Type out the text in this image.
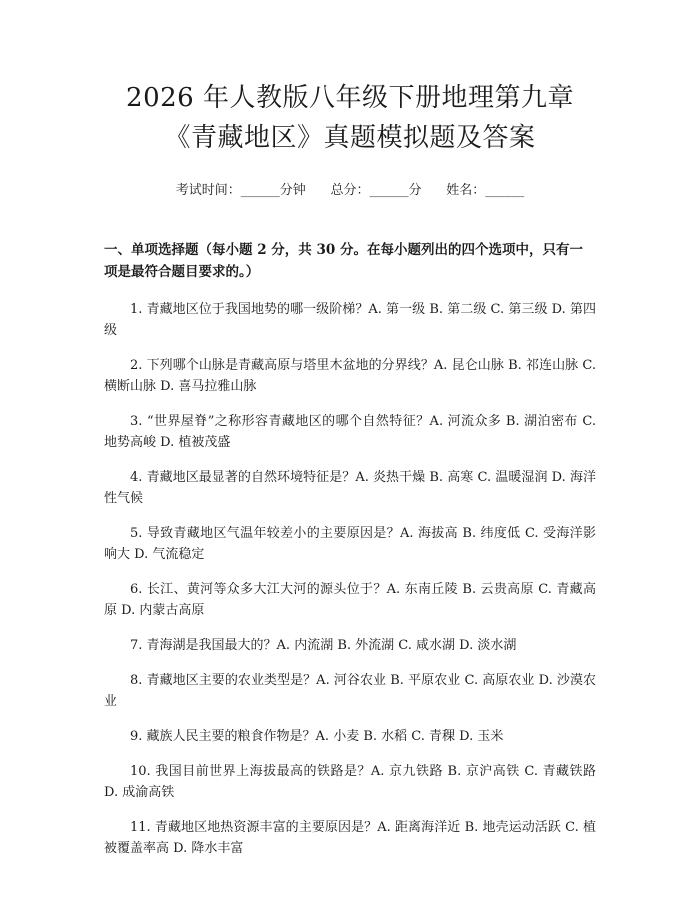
2026 年人教版八年级下册地理第九章《青藏地区》真题模拟题及答案
考试时间：______分钟      总分：______分      姓名：______
一、单项选择题（每小题 2 分，共 30 分。在每小题列出的四个选项中，只有一项是最符合题目要求的。）

1. 青藏地区位于我国地势的哪一级阶梯？A. 第一级 B. 第二级 C. 第三级 D. 第四级

2. 下列哪个山脉是青藏高原与塔里木盆地的分界线？A. 昆仑山脉 B. 祁连山脉 C. 横断山脉 D. 喜马拉雅山脉

3. “世界屋脊”之称形容青藏地区的哪个自然特征？A. 河流众多 B. 湖泊密布 C. 地势高峻 D. 植被茂盛

4. 青藏地区最显著的自然环境特征是？A. 炎热干燥 B. 高寒 C. 温暖湿润 D. 海洋性气候

5. 导致青藏地区气温年较差小的主要原因是？A. 海拔高 B. 纬度低 C. 受海洋影响大 D. 气流稳定

6. 长江、黄河等众多大江大河的源头位于？A. 东南丘陵 B. 云贵高原 C. 青藏高原 D. 内蒙古高原

7. 青海湖是我国最大的？A. 内流湖 B. 外流湖 C. 咸水湖 D. 淡水湖

8. 青藏地区主要的农业类型是？A. 河谷农业 B. 平原农业 C. 高原农业 D. 沙漠农业

9. 藏族人民主要的粮食作物是？A. 小麦 B. 水稻 C. 青稞 D. 玉米

10. 我国目前世界上海拔最高的铁路是？A. 京九铁路 B. 京沪高铁 C. 青藏铁路 D. 成渝高铁

11. 青藏地区地热资源丰富的主要原因是？A. 距离海洋近 B. 地壳运动活跃 C. 植被覆盖率高 D. 降水丰富
